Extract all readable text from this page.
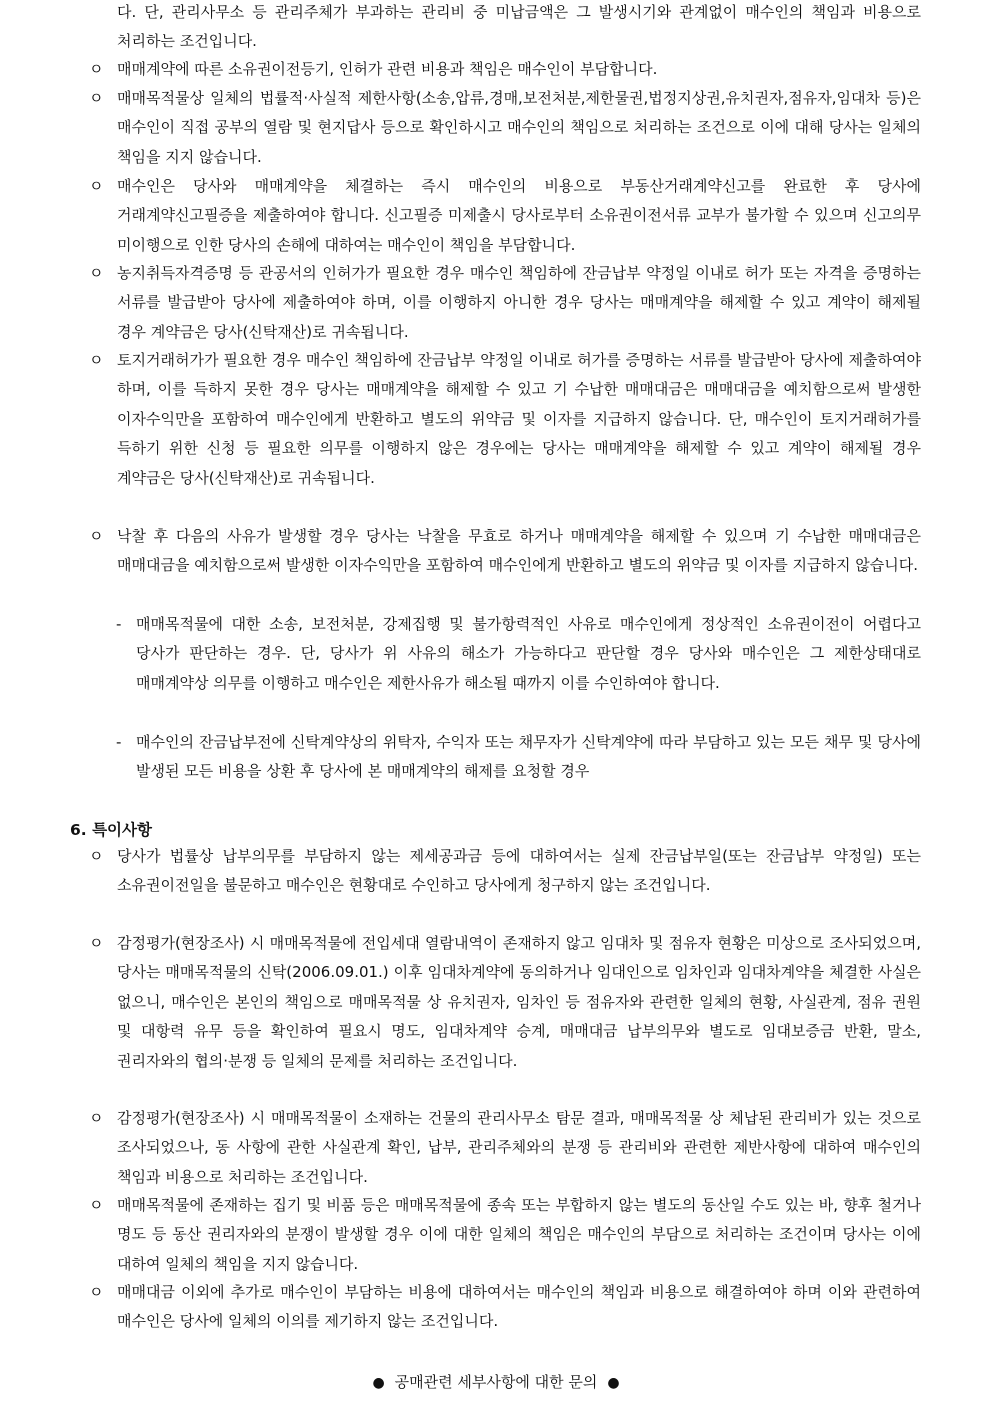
다. 단, 관리사무소 등 관리주체가 부과하는 관리비 중 미납금액은 그 발생시기와 관계없이 매수인의 책임과 비용으로 처리하는 조건입니다.
ㅇ 매매계약에 따른 소유권이전등기, 인허가 관련 비용과 책임은 매수인이 부담합니다.
ㅇ 매매목적물상 일체의 법률적·사실적 제한사항(소송,압류,경매,보전처분,제한물권,법정지상권,유치권자,점유자,임대차 등)은 매수인이 직접 공부의 열람 및 현지답사 등으로 확인하시고 매수인의 책임으로 처리하는 조건으로 이에 대해 당사는 일체의 책임을 지지 않습니다.
ㅇ 매수인은 당사와 매매계약을 체결하는 즉시 매수인의 비용으로 부동산거래계약신고를 완료한 후 당사에 거래계약신고필증을 제출하여야 합니다. 신고필증 미제출시 당사로부터 소유권이전서류 교부가 불가할 수 있으며 신고의무 미이행으로 인한 당사의 손해에 대하여는 매수인이 책임을 부담합니다.
ㅇ 농지취득자격증명 등 관공서의 인허가가 필요한 경우 매수인 책임하에 잔금납부 약정일 이내로 허가 또는 자격을 증명하는 서류를 발급받아 당사에 제출하여야 하며, 이를 이행하지 아니한 경우 당사는 매매계약을 해제할 수 있고 계약이 해제될 경우 계약금은 당사(신탁재산)로 귀속됩니다.
ㅇ 토지거래허가가 필요한 경우 매수인 책임하에 잔금납부 약정일 이내로 허가를 증명하는 서류를 발급받아 당사에 제출하여야 하며, 이를 득하지 못한 경우 당사는 매매계약을 해제할 수 있고 기 수납한 매매대금은 매매대금을 예치함으로써 발생한 이자수익만을 포함하여 매수인에게 반환하고 별도의 위약금 및 이자를 지급하지 않습니다. 단, 매수인이 토지거래허가를 득하기 위한 신청 등 필요한 의무를 이행하지 않은 경우에는 당사는 매매계약을 해제할 수 있고 계약이 해제될 경우 계약금은 당사(신탁재산)로 귀속됩니다.
ㅇ 낙찰 후 다음의 사유가 발생할 경우 당사는 낙찰을 무효로 하거나 매매계약을 해제할 수 있으며 기 수납한 매매대금은 매매대금을 예치함으로써 발생한 이자수익만을 포함하여 매수인에게 반환하고 별도의 위약금 및 이자를 지급하지 않습니다.
- 매매목적물에 대한 소송, 보전처분, 강제집행 및 불가항력적인 사유로 매수인에게 정상적인 소유권이전이 어렵다고 당사가 판단하는 경우. 단, 당사가 위 사유의 해소가 가능하다고 판단할 경우 당사와 매수인은 그 제한상태대로 매매계약상 의무를 이행하고 매수인은 제한사유가 해소될 때까지 이를 수인하여야 합니다.
- 매수인의 잔금납부전에 신탁계약상의 위탁자, 수익자 또는 채무자가 신탁계약에 따라 부담하고 있는 모든 채무 및 당사에 발생된 모든 비용을 상환 후 당사에 본 매매계약의 해제를 요청할 경우
6. 특이사항
ㅇ 당사가 법률상 납부의무를 부담하지 않는 제세공과금 등에 대하여서는 실제 잔금납부일(또는 잔금납부 약정일) 또는 소유권이전일을 불문하고 매수인은 현황대로 수인하고 당사에게 청구하지 않는 조건입니다.
ㅇ 감정평가(현장조사) 시 매매목적물에 전입세대 열람내역이 존재하지 않고 임대차 및 점유자 현황은 미상으로 조사되었으며, 당사는 매매목적물의 신탁(2006.09.01.) 이후 임대차계약에 동의하거나 임대인으로 임차인과 임대차계약을 체결한 사실은 없으니, 매수인은 본인의 책임으로 매매목적물 상 유치권자, 임차인 등 점유자와 관련한 일체의 현황, 사실관계, 점유 권원 및 대항력 유무 등을 확인하여 필요시 명도, 임대차계약 승계, 매매대금 납부의무와 별도로 임대보증금 반환, 말소, 권리자와의 협의·분쟁 등 일체의 문제를 처리하는 조건입니다.
ㅇ 감정평가(현장조사) 시 매매목적물이 소재하는 건물의 관리사무소 탐문 결과, 매매목적물 상 체납된 관리비가 있는 것으로 조사되었으나, 동 사항에 관한 사실관계 확인, 납부, 관리주체와의 분쟁 등 관리비와 관련한 제반사항에 대하여 매수인의 책임과 비용으로 처리하는 조건입니다.
ㅇ 매매목적물에 존재하는 집기 및 비품 등은 매매목적물에 종속 또는 부합하지 않는 별도의 동산일 수도 있는 바, 향후 철거나 명도 등 동산 권리자와의 분쟁이 발생할 경우 이에 대한 일체의 책임은 매수인의 부담으로 처리하는 조건이며 당사는 이에 대하여 일체의 책임을 지지 않습니다.
ㅇ 매매대금 이외에 추가로 매수인이 부담하는 비용에 대하여서는 매수인의 책임과 비용으로 해결하여야 하며 이와 관련하여 매수인은 당사에 일체의 이의를 제기하지 않는 조건입니다.
● 공매관련 세부사항에 대한 문의 ●
